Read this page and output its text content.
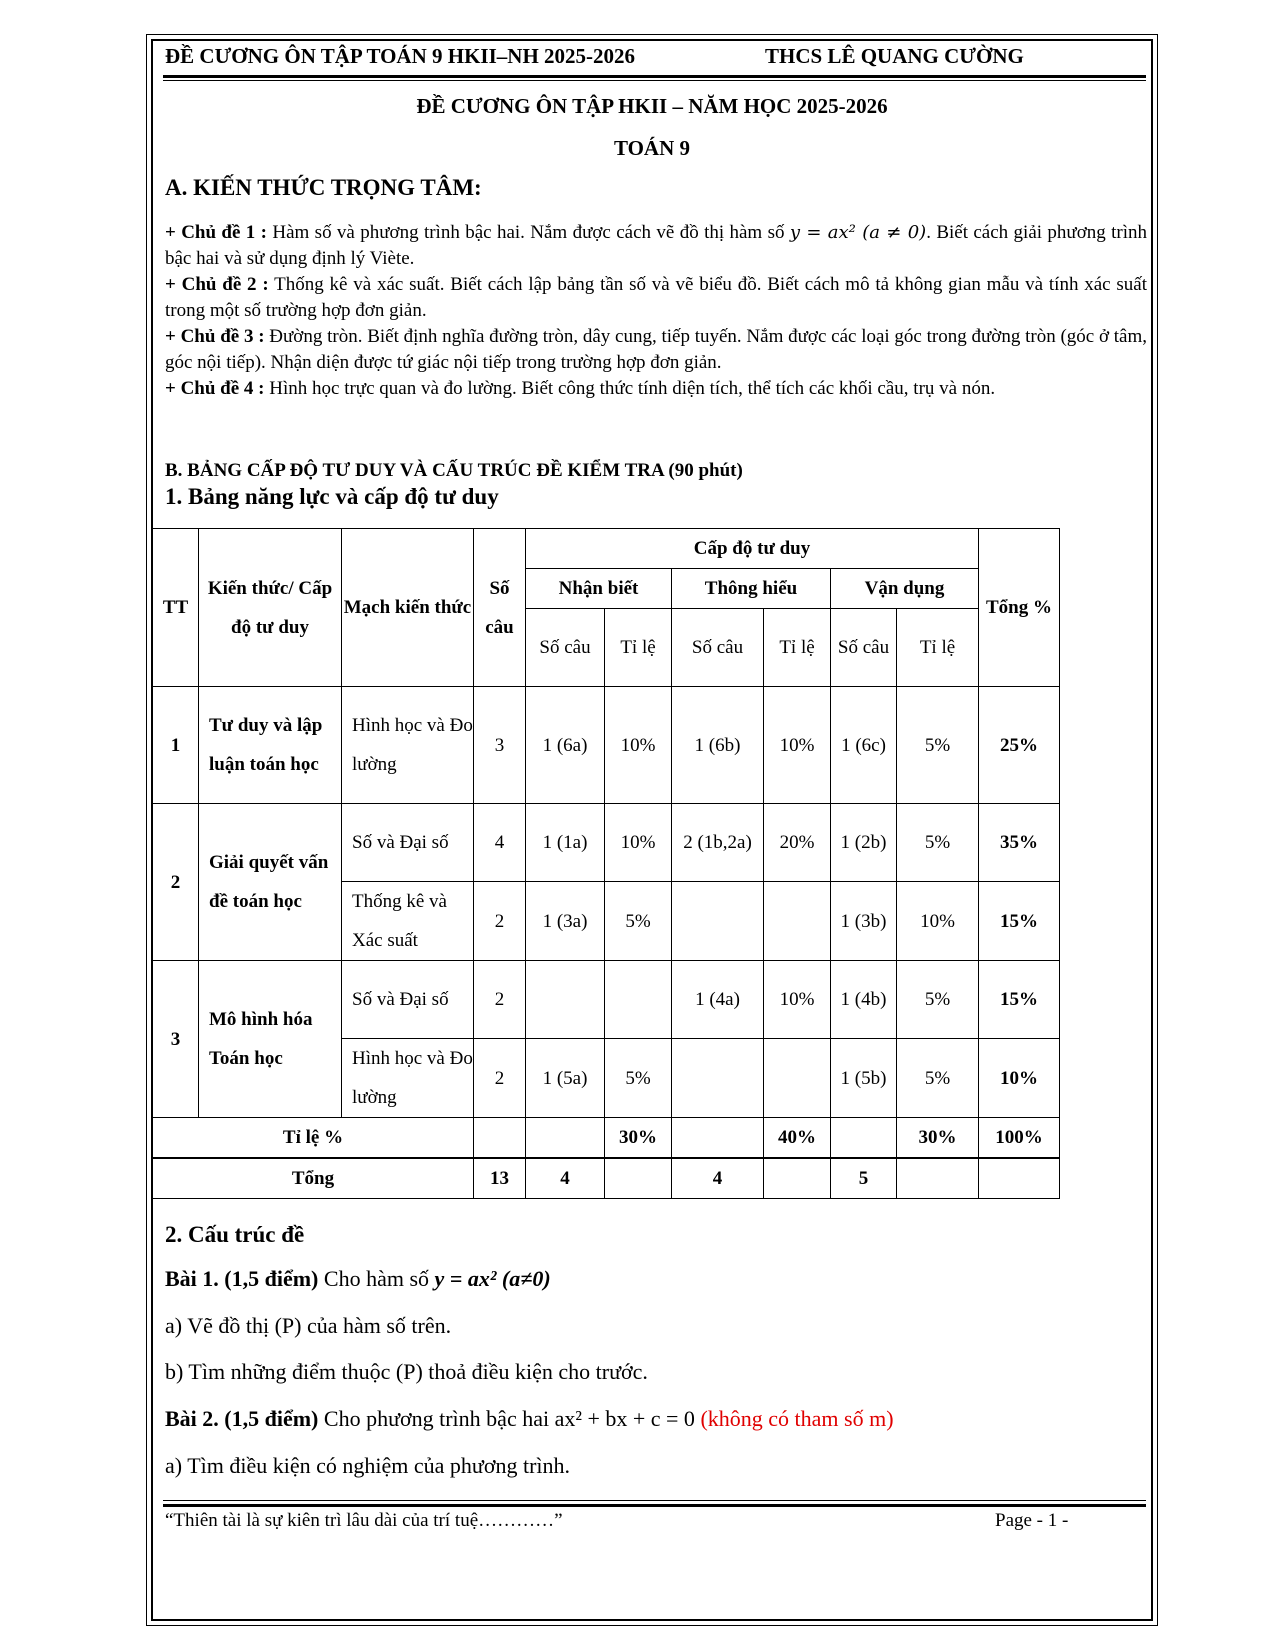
ĐỀ CƯƠNG ÔN TẬP TOÁN 9 HKII–NH 2025-2026	THCS LÊ QUANG CƯỜNG
ĐỀ CƯƠNG ÔN TẬP HKII – NĂM HỌC 2025-2026
TOÁN 9
A. KIẾN THỨC TRỌNG TÂM:

+ Chủ đề 1 : Hàm số và phương trình bậc hai. Nắm được cách vẽ đồ thị hàm số y = ax² (a ≠ 0). Biết cách giải phương trình bậc hai và sử dụng định lý Viète.

+ Chủ đề 2 : Thống kê và xác suất. Biết cách lập bảng tần số và vẽ biểu đồ. Biết cách mô tả không gian mẫu và tính xác suất trong một số trường hợp đơn giản.

+ Chủ đề 3 : Đường tròn. Biết định nghĩa đường tròn, dây cung, tiếp tuyến. Nắm được các loại góc trong đường tròn (góc ở tâm, góc nội tiếp). Nhận diện được tứ giác nội tiếp trong trường hợp đơn giản.

+ Chủ đề 4 : Hình học trực quan và đo lường. Biết công thức tính diện tích, thể tích các khối cầu, trụ và nón.

B. BẢNG CẤP ĐỘ TƯ DUY VÀ CẤU TRÚC ĐỀ KIỂM TRA (90 phút)
1. Bảng năng lực và cấp độ tư duy
TT	Kiến thức/ Cấp độ tư duy	Mạch kiến thức	Số câu	Cấp độ tư duy						Tổng %
				Nhận biết		Thông hiểu		Vận dụng		
				Số câu	Tỉ lệ	Số câu	Tỉ lệ	Số câu	Tỉ lệ	
1	Tư duy và lập luận toán học	Hình học và Đo lường	3	1 (6a)	10%	1 (6b)	10%	1 (6c)	5%	25%
2	Giải quyết vấn đề toán học	Số và Đại số	4	1 (1a)	10%	2 (1b,2a)	20%	1 (2b)	5%	35%
		Thống kê và Xác suất	2	1 (3a)	5%			1 (3b)	10%	15%
3	Mô hình hóa Toán học	Số và Đại số	2			1 (4a)	10%	1 (4b)	5%	15%
		Hình học và Đo lường	2	1 (5a)	5%			1 (5b)	5%	10%
Tỉ lệ %					30%		40%		30%	100%
Tổng			13	4		4		5		
2. Cấu trúc đề
Bài 1. (1,5 điểm) Cho hàm số y = ax² (a≠0)
a) Vẽ đồ thị (P) của hàm số trên.
b) Tìm những điểm thuộc (P) thoả điều kiện cho trước.
Bài 2. (1,5 điểm) Cho phương trình bậc hai ax² + bx + c = 0 (không có tham số m)
a) Tìm điều kiện có nghiệm của phương trình.
“Thiên tài là sự kiên trì lâu dài của trí tuệ…………”	Page - 1 -
